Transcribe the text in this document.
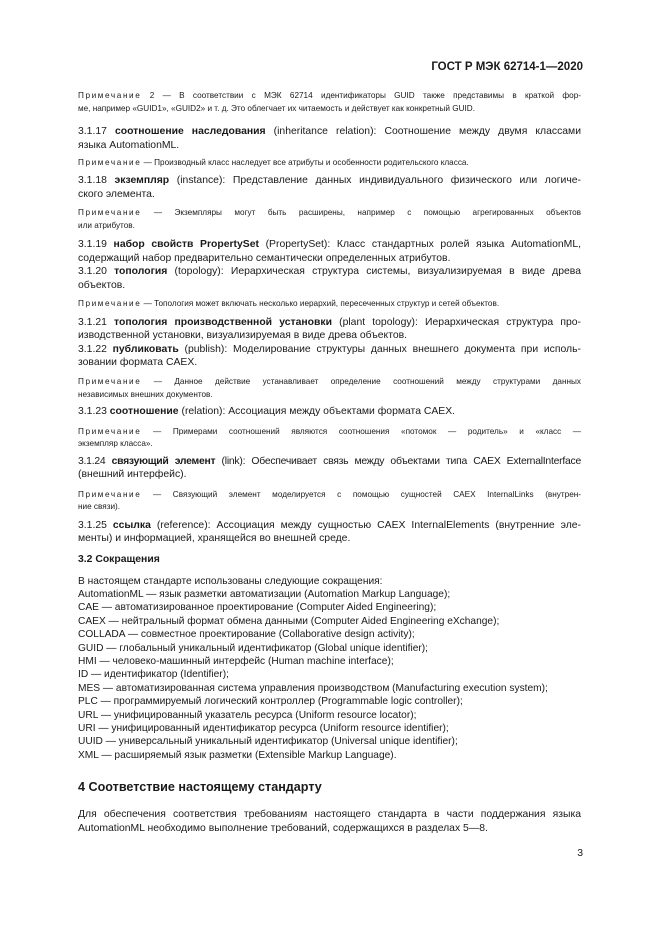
ГОСТ Р МЭК 62714-1—2020
Примечание 2 — В соответствии с МЭК 62714 идентификаторы GUID также представимы в краткой фор-
ме, например «GUID1», «GUID2» и т. д. Это облегчает их читаемость и действует как конкретный GUID.
3.1.17 соотношение наследования (inheritance relation): Соотношение между двумя классами
языка AutomationML.
Примечание — Производный класс наследует все атрибуты и особенности родительского класса.
3.1.18 экземпляр (instance): Представление данных индивидуального физического или логиче-
ского элемента.
Примечание — Экземпляры могут быть расширены, например с помощью агрегированных объектов
или атрибутов.
3.1.19 набор свойств PropertySet (PropertySet): Класс стандартных ролей языка AutomationML,
содержащий набор предварительно семантически определенных атрибутов.
3.1.20 топология (topology): Иерархическая структура системы, визуализируемая в виде древа
объектов.
Примечание — Топология может включать несколько иерархий, пересеченных структур и сетей объектов.
3.1.21 топология производственной установки (plant topology): Иерархическая структура про-
изводственной установки, визуализируемая в виде древа объектов.
3.1.22 публиковать (publish): Моделирование структуры данных внешнего документа при исполь-
зовании формата CAEX.
Примечание — Данное действие устанавливает определение соотношений между структурами данных
независимых внешних документов.
3.1.23 соотношение (relation): Ассоциация между объектами формата CAEX.
Примечание — Примерами соотношений являются соотношения «потомок — родитель» и «класс —
экземпляр класса».
3.1.24 связующий элемент (link): Обеспечивает связь между объектами типа CAEX ExternalInterface
(внешний интерфейс).
Примечание — Связующий элемент моделируется с помощью сущностей CAEX InternalLinks (внутрен-
ние связи).
3.1.25 ссылка (reference): Ассоциация между сущностью CAEX InternalElements (внутренние эле-
менты) и информацией, хранящейся во внешней среде.
3.2 Сокращения
В настоящем стандарте использованы следующие сокращения:
AutomationML — язык разметки автоматизации (Automation Markup Language);
CAE — автоматизированное проектирование (Computer Aided Engineering);
CAEX — нейтральный формат обмена данными (Computer Aided Engineering eXchange);
COLLADA — совместное проектирование (Collaborative design activity);
GUID — глобальный уникальный идентификатор (Global unique identifier);
HMI — человеко-машинный интерфейс (Human machine interface);
ID — идентификатор (Identifier);
MES — автоматизированная система управления производством (Manufacturing execution system);
PLC — программируемый логический контроллер (Programmable logic controller);
URL — унифицированный указатель ресурса (Uniform resource locator);
URI — унифицированный идентификатор ресурса (Uniform resource identifier);
UUID — универсальный уникальный идентификатор (Universal unique identifier);
XML — расширяемый язык разметки (Extensible Markup Language).
4 Соответствие настоящему стандарту
Для обеспечения соответствия требованиям настоящего стандарта в части поддержания языка
AutomationML необходимо выполнение требований, содержащихся в разделах 5—8.
3
